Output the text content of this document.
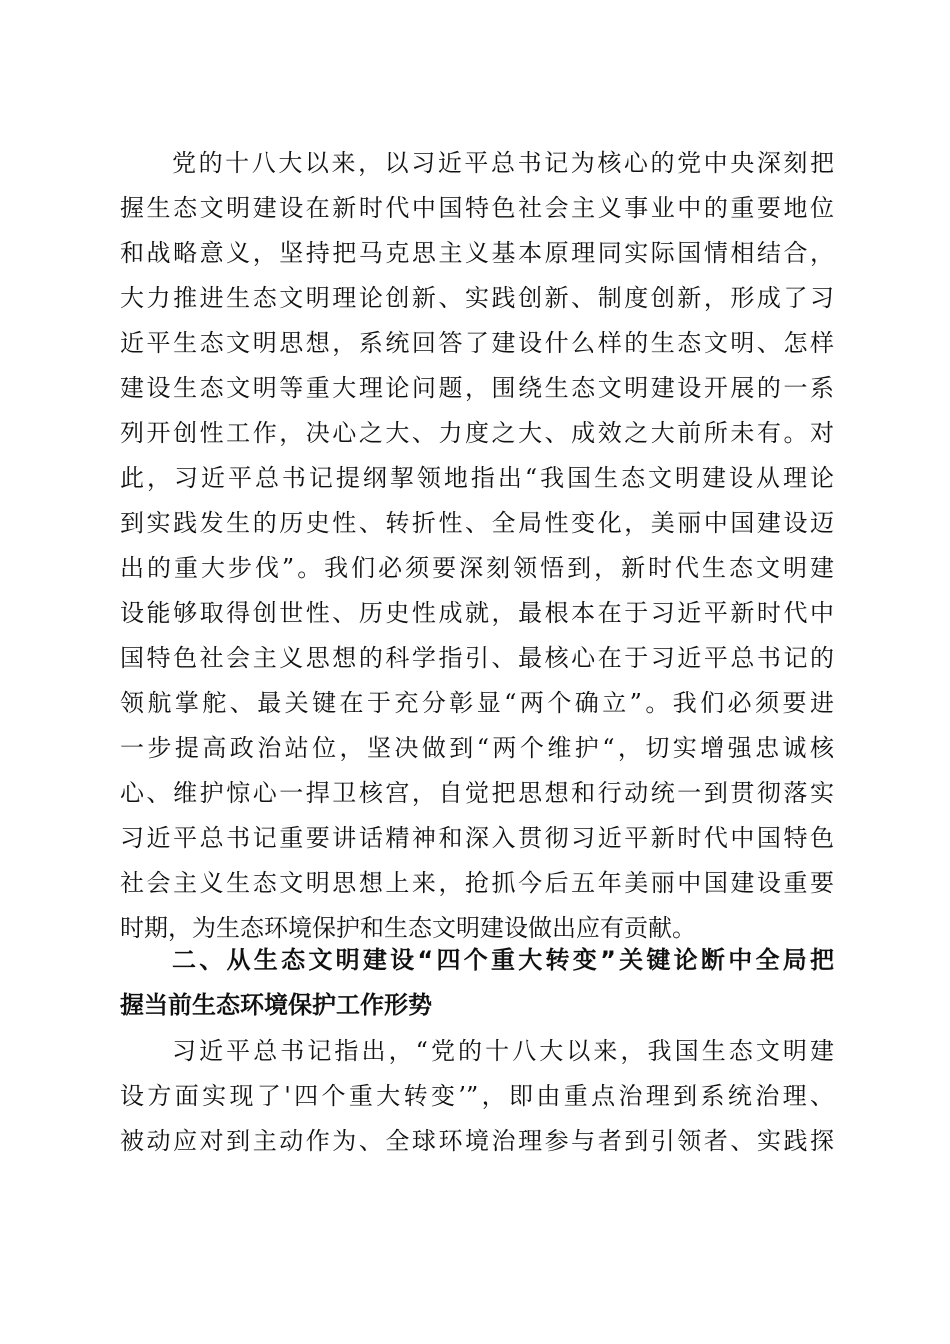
党的十八大以来，以习近平总书记为核心的党中央深刻把
握生态文明建设在新时代中国特色社会主义事业中的重要地位
和战略意义，坚持把马克思主义基本原理同实际国情相结合，
大力推进生态文明理论创新、实践创新、制度创新，形成了习
近平生态文明思想，系统回答了建设什么样的生态文明、怎样
建设生态文明等重大理论问题，围绕生态文明建设开展的一系
列开创性工作，决心之大、力度之大、成效之大前所未有。对
此，习近平总书记提纲挈领地指出“我国生态文明建设从理论
到实践发生的历史性、转折性、全局性变化，美丽中国建设迈
出的重大步伐”。我们必须要深刻领悟到，新时代生态文明建
设能够取得创世性、历史性成就，最根本在于习近平新时代中
国特色社会主义思想的科学指引、最核心在于习近平总书记的
领航掌舵、最关键在于充分彰显“两个确立”。我们必须要进
一步提高政治站位，坚决做到“两个维护“，切实增强忠诚核
心、维护惊心一捍卫核宫，自觉把思想和行动统一到贯彻落实
习近平总书记重要讲话精神和深入贯彻习近平新时代中国特色
社会主义生态文明思想上来，抢抓今后五年美丽中国建设重要
时期，为生态环境保护和生态文明建设做出应有贡献。
二、从生态文明建设“四个重大转变”关键论断中全局把
握当前生态环境保护工作形势
习近平总书记指出，“党的十八大以来，我国生态文明建
设方面实现了'四个重大转变’”，即由重点治理到系统治理、
被动应对到主动作为、全球环境治理参与者到引领者、实践探
